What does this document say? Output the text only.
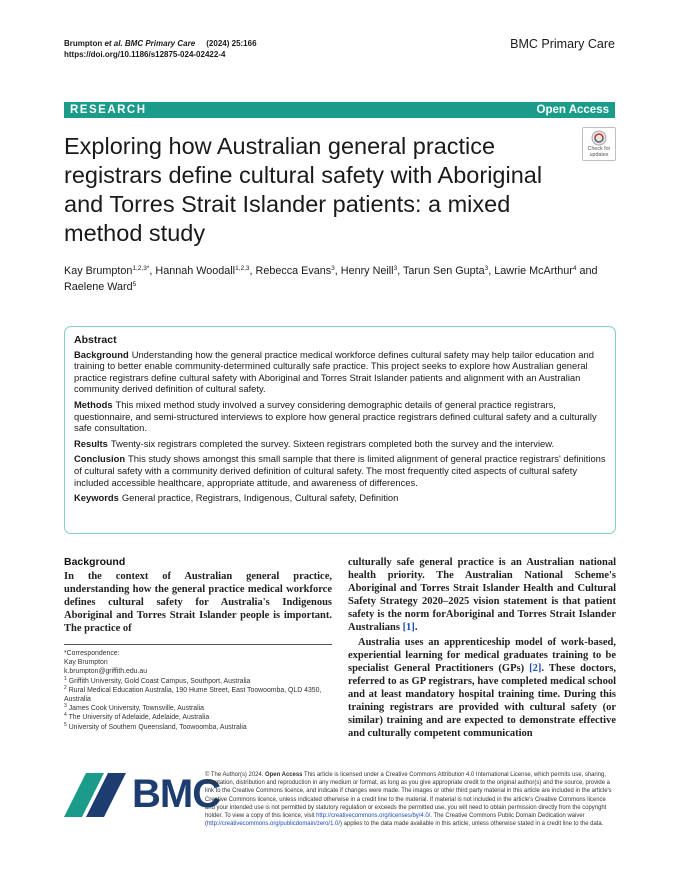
Brumpton et al. BMC Primary Care (2024) 25:166
https://doi.org/10.1186/s12875-024-02422-4
BMC Primary Care
RESEARCH	Open Access
Exploring how Australian general practice registrars define cultural safety with Aboriginal and Torres Strait Islander patients: a mixed method study
Check for
updates
Kay Brumpton$^{1,2,3*}$, Hannah Woodall$^{1,2,3}$, Rebecca Evans$^3$, Henry Neill$^3$, Tarun Sen Gupta$^3$, Lawrie McArthur$^4$ and Raelene Ward$^5$
Abstract

Background Understanding how the general practice medical workforce defines cultural safety may help tailor education and training to better enable community-determined culturally safe practice. This project seeks to explore how Australian general practice registrars define cultural safety with Aboriginal and Torres Strait Islander patients and alignment with an Australian community derived definition of cultural safety.

Methods This mixed method study involved a survey considering demographic details of general practice registrars, questionnaire, and semi-structured interviews to explore how general practice registrars defined cultural safety and a culturally safe consultation.

Results Twenty-six registrars completed the survey. Sixteen registrars completed both the survey and the interview.

Conclusion This study shows amongst this small sample that there is limited alignment of general practice registrars' definitions of cultural safety with a community derived definition of cultural safety. The most frequently cited aspects of cultural safety included accessible healthcare, appropriate attitude, and awareness of differences.

Keywords General practice, Registrars, Indigenous, Cultural safety, Definition

Background

In the context of Australian general practice, understanding how the general practice medical workforce defines cultural safety for Australia's Indigenous Aboriginal and Torres Strait Islander people is important. The practice of

culturally safe general practice is an Australian national health priority. The Australian National Scheme's Aboriginal and Torres Strait Islander Health and Cultural Safety Strategy 2020–2025 vision statement is that patient safety is the norm forAboriginal and Torres Strait Islander Australians [1].

Australia uses an apprenticeship model of work-based, experiential learning for medical graduates training to be specialist General Practitioners (GPs) [2]. These doctors, referred to as GP registrars, have completed medical school and at least mandatory hospital training time. During this training registrars are provided with cultural safety (or similar) training and are expected to demonstrate effective and culturally competent communication

*Correspondence:
Kay Brumpton
k.brumpton@griffith.edu.au
$^1$ Griffith University, Gold Coast Campus, Southport, Australia
$^2$ Rural Medical Education Australia, 190 Hume Street, East Toowoomba, QLD 4350, Australia
$^3$ James Cook University, Townsville, Australia
$^4$ The University of Adelaide, Adelaide, Australia
$^5$ University of Southern Queensland, Toowoomba, Australia
BMC
© The Author(s) 2024. Open Access This article is licensed under a Creative Commons Attribution 4.0 International License, which permits use, sharing, adaptation, distribution and reproduction in any medium or format, as long as you give appropriate credit to the original author(s) and the source, provide a link to the Creative Commons licence, and indicate if changes were made. The images or other third party material in this article are included in the article's Creative Commons licence, unless indicated otherwise in a credit line to the material. If material is not included in the article's Creative Commons licence and your intended use is not permitted by statutory regulation or exceeds the permitted use, you will need to obtain permission directly from the copyright holder. To view a copy of this licence, visit http://creativecommons.org/licenses/by/4.0/. The Creative Commons Public Domain Dedication waiver (http://creativecommons.org/publicdomain/zero/1.0/) applies to the data made available in this article, unless otherwise stated in a credit line to the data.
